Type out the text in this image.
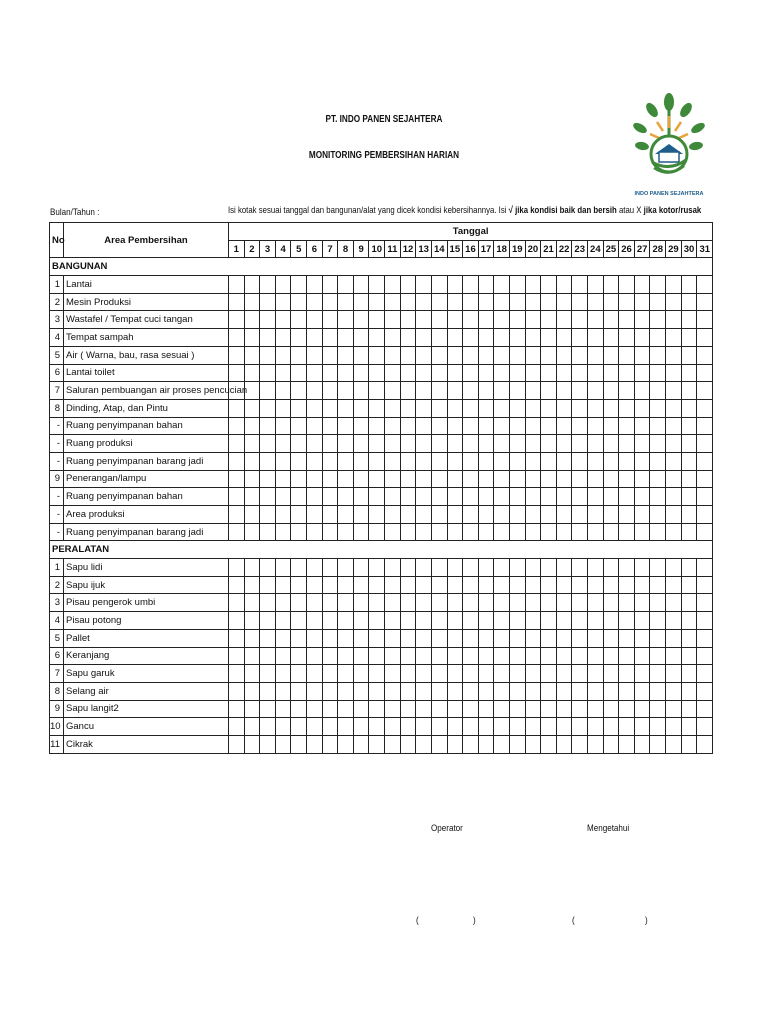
PT. INDO PANEN SEJAHTERA
MONITORING PEMBERSIHAN HARIAN
INDO PANEN SEJAHTERA
Bulan/Tahun :	Isi kotak sesuai tanggal dan bangunan/alat yang dicek kondisi kebersihannya. Isi √ jika kondisi baik dan bersih atau X jika kotor/rusak
No	Area Pembersihan	Tanggal																														
		1	2	3	4	5	6	7	8	9	10	11	12	13	14	15	16	17	18	19	20	21	22	23	24	25	26	27	28	29	30	31
BANGUNAN																																
1	Lantai																															
2	Mesin Produksi																															
3	Wastafel / Tempat cuci tangan																															
4	Tempat sampah																															
5	Air ( Warna, bau, rasa sesuai )																															
6	Lantai toilet																															
7	Saluran pembuangan air proses pencucian																															
8	Dinding, Atap, dan Pintu																															
-	Ruang penyimpanan bahan																															
-	Ruang produksi																															
-	Ruang penyimpanan barang jadi																															
9	Penerangan/lampu																															
-	Ruang penyimpanan bahan																															
-	Area produksi																															
-	Ruang penyimpanan barang jadi																															
PERALATAN																																
1	Sapu lidi																															
2	Sapu ijuk																															
3	Pisau pengerok umbi																															
4	Pisau potong																															
5	Pallet																															
6	Keranjang																															
7	Sapu garuk																															
8	Selang air																															
9	Sapu langit2																															
10	Gancu																															
11	Cikrak																															
Operator	Mengetahui
(	)	(	)
